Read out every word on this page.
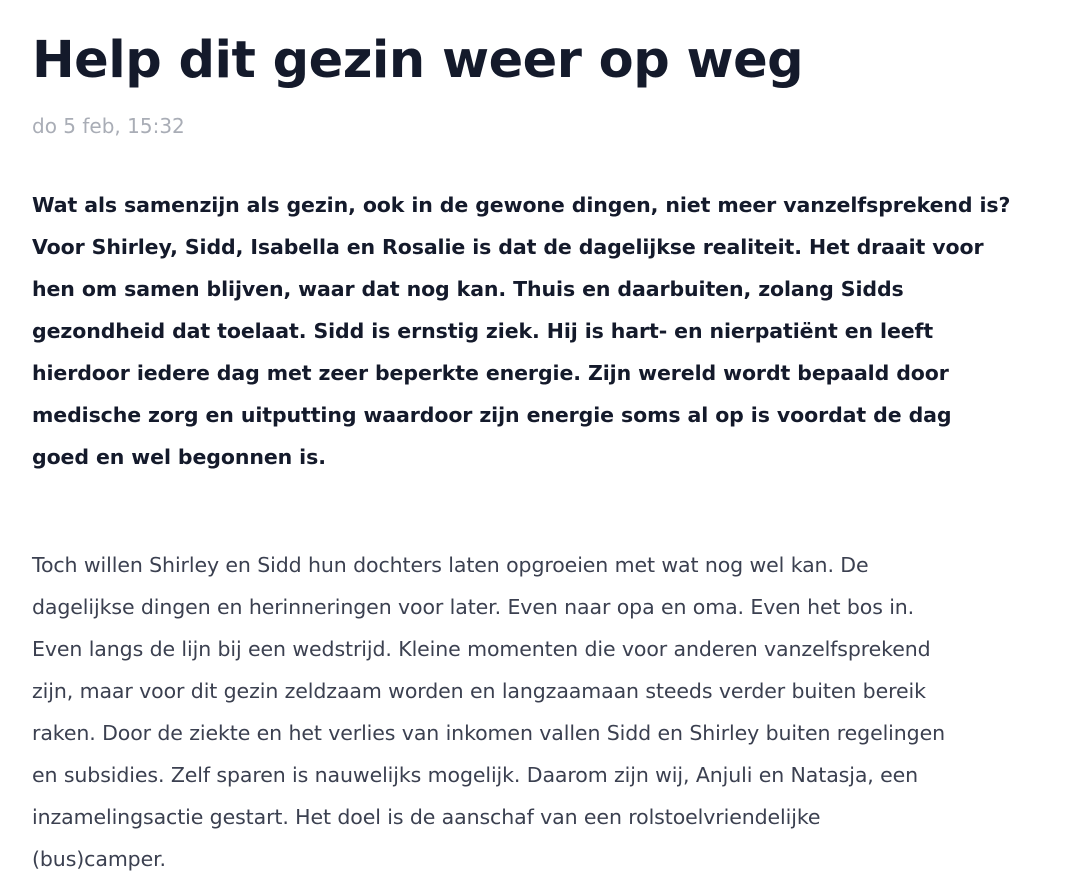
Help dit gezin weer op weg
do 5 feb, 15:32
Wat als samenzijn als gezin, ook in de gewone dingen, niet meer vanzelfsprekend is?
Voor Shirley, Sidd, Isabella en Rosalie is dat de dagelijkse realiteit. Het draait voor
hen om samen blijven, waar dat nog kan. Thuis en daarbuiten, zolang Sidds
gezondheid dat toelaat. Sidd is ernstig ziek. Hij is hart- en nierpatiënt en leeft
hierdoor iedere dag met zeer beperkte energie. Zijn wereld wordt bepaald door
medische zorg en uitputting waardoor zijn energie soms al op is voordat de dag
goed en wel begonnen is.
Toch willen Shirley en Sidd hun dochters laten opgroeien met wat nog wel kan. De
dagelijkse dingen en herinneringen voor later. Even naar opa en oma. Even het bos in.
Even langs de lijn bij een wedstrijd. Kleine momenten die voor anderen vanzelfsprekend
zijn, maar voor dit gezin zeldzaam worden en langzaamaan steeds verder buiten bereik
raken. Door de ziekte en het verlies van inkomen vallen Sidd en Shirley buiten regelingen
en subsidies. Zelf sparen is nauwelijks mogelijk. Daarom zijn wij, Anjuli en Natasja, een
inzamelingsactie gestart. Het doel is de aanschaf van een rolstoelvriendelijke
(bus)camper.
